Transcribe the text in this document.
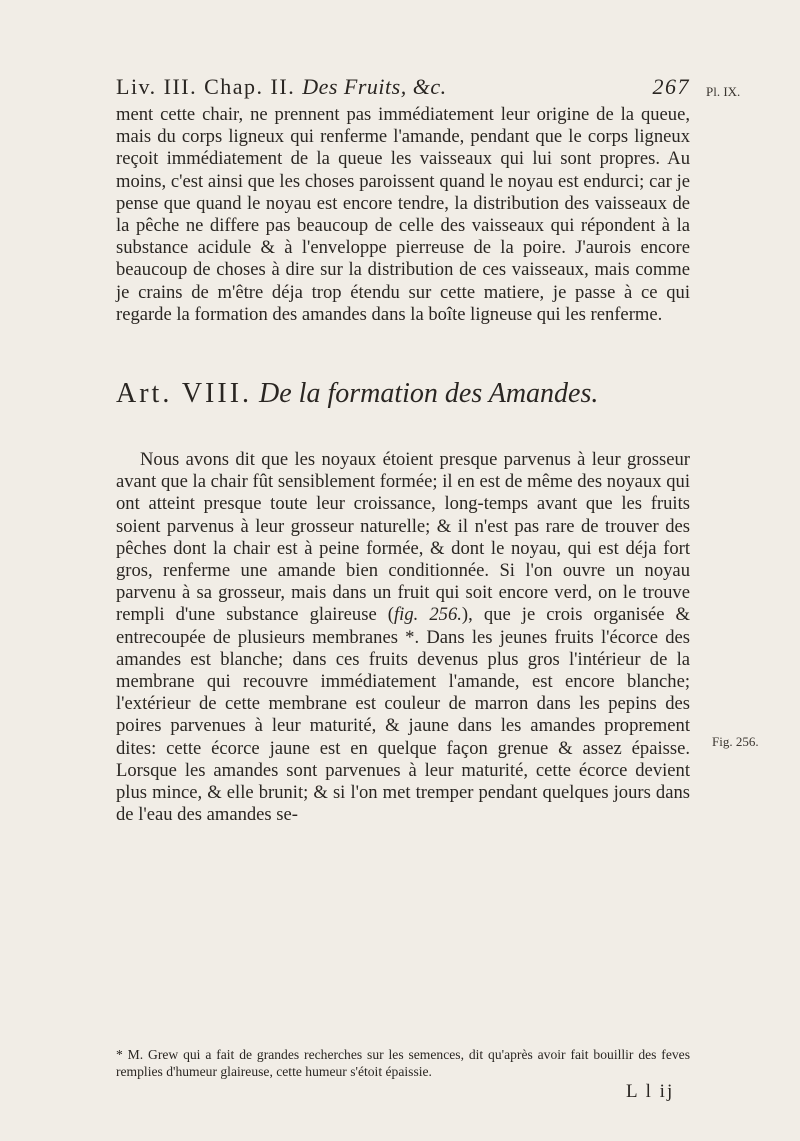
Liv. III. Chap. II. Des Fruits, &c.	267 Pl. IX.
ment cette chair, ne prennent pas immédiatement leur origine de la queue, mais du corps ligneux qui renferme l'amande, pendant que le corps ligneux reçoit immédiatement de la queue les vaisseaux qui lui sont propres. Au moins, c'est ainsi que les choses paroissent quand le noyau est endurci; car je pense que quand le noyau est encore tendre, la distribution des vaisseaux de la pêche ne differe pas beaucoup de celle des vaisseaux qui répondent à la substance acidule & à l'enveloppe pierreuse de la poire. J'aurois encore beaucoup de choses à dire sur la distribution de ces vaisseaux, mais comme je crains de m'être déja trop étendu sur cette matiere, je passe à ce qui regarde la formation des amandes dans la boîte ligneuse qui les renferme.
Art. VIII. De la formation des Amandes.
Nous avons dit que les noyaux étoient presque parvenus à leur grosseur avant que la chair fût sensiblement formée; il en est de même des noyaux qui ont atteint presque toute leur croissance, long-temps avant que les fruits soient parvenus à leur grosseur naturelle; & il n'est pas rare de trouver des pêches dont la chair est à peine formée, & dont le noyau, qui est déja fort gros, renferme une amande bien conditionnée. Si l'on ouvre un noyau parvenu à sa grosseur, mais dans un fruit qui soit encore verd, on le trouve rempli d'une substance glaireuse (fig. 256.), que je crois organisée & entrecoupée de plusieurs membranes *. Dans les jeunes fruits l'écorce des amandes est blanche; dans ces fruits devenus plus gros l'intérieur de la membrane qui recouvre immédiatement l'amande, est encore blanche; l'extérieur de cette membrane est couleur de marron dans les pepins des poires parvenues à leur maturité, & jaune dans les amandes proprement dites: cette écorce jaune est en quelque façon grenue & assez épaisse. Lorsque les amandes sont parvenues à leur maturité, cette écorce devient plus mince, & elle brunit; & si l'on met tremper pendant quelques jours dans de l'eau des amandes se-
Fig. 256.
* M. Grew qui a fait de grandes recherches sur les semences, dit qu'après avoir fait bouillir des feves remplies d'humeur glaireuse, cette humeur s'étoit épaissie.
L l ij
